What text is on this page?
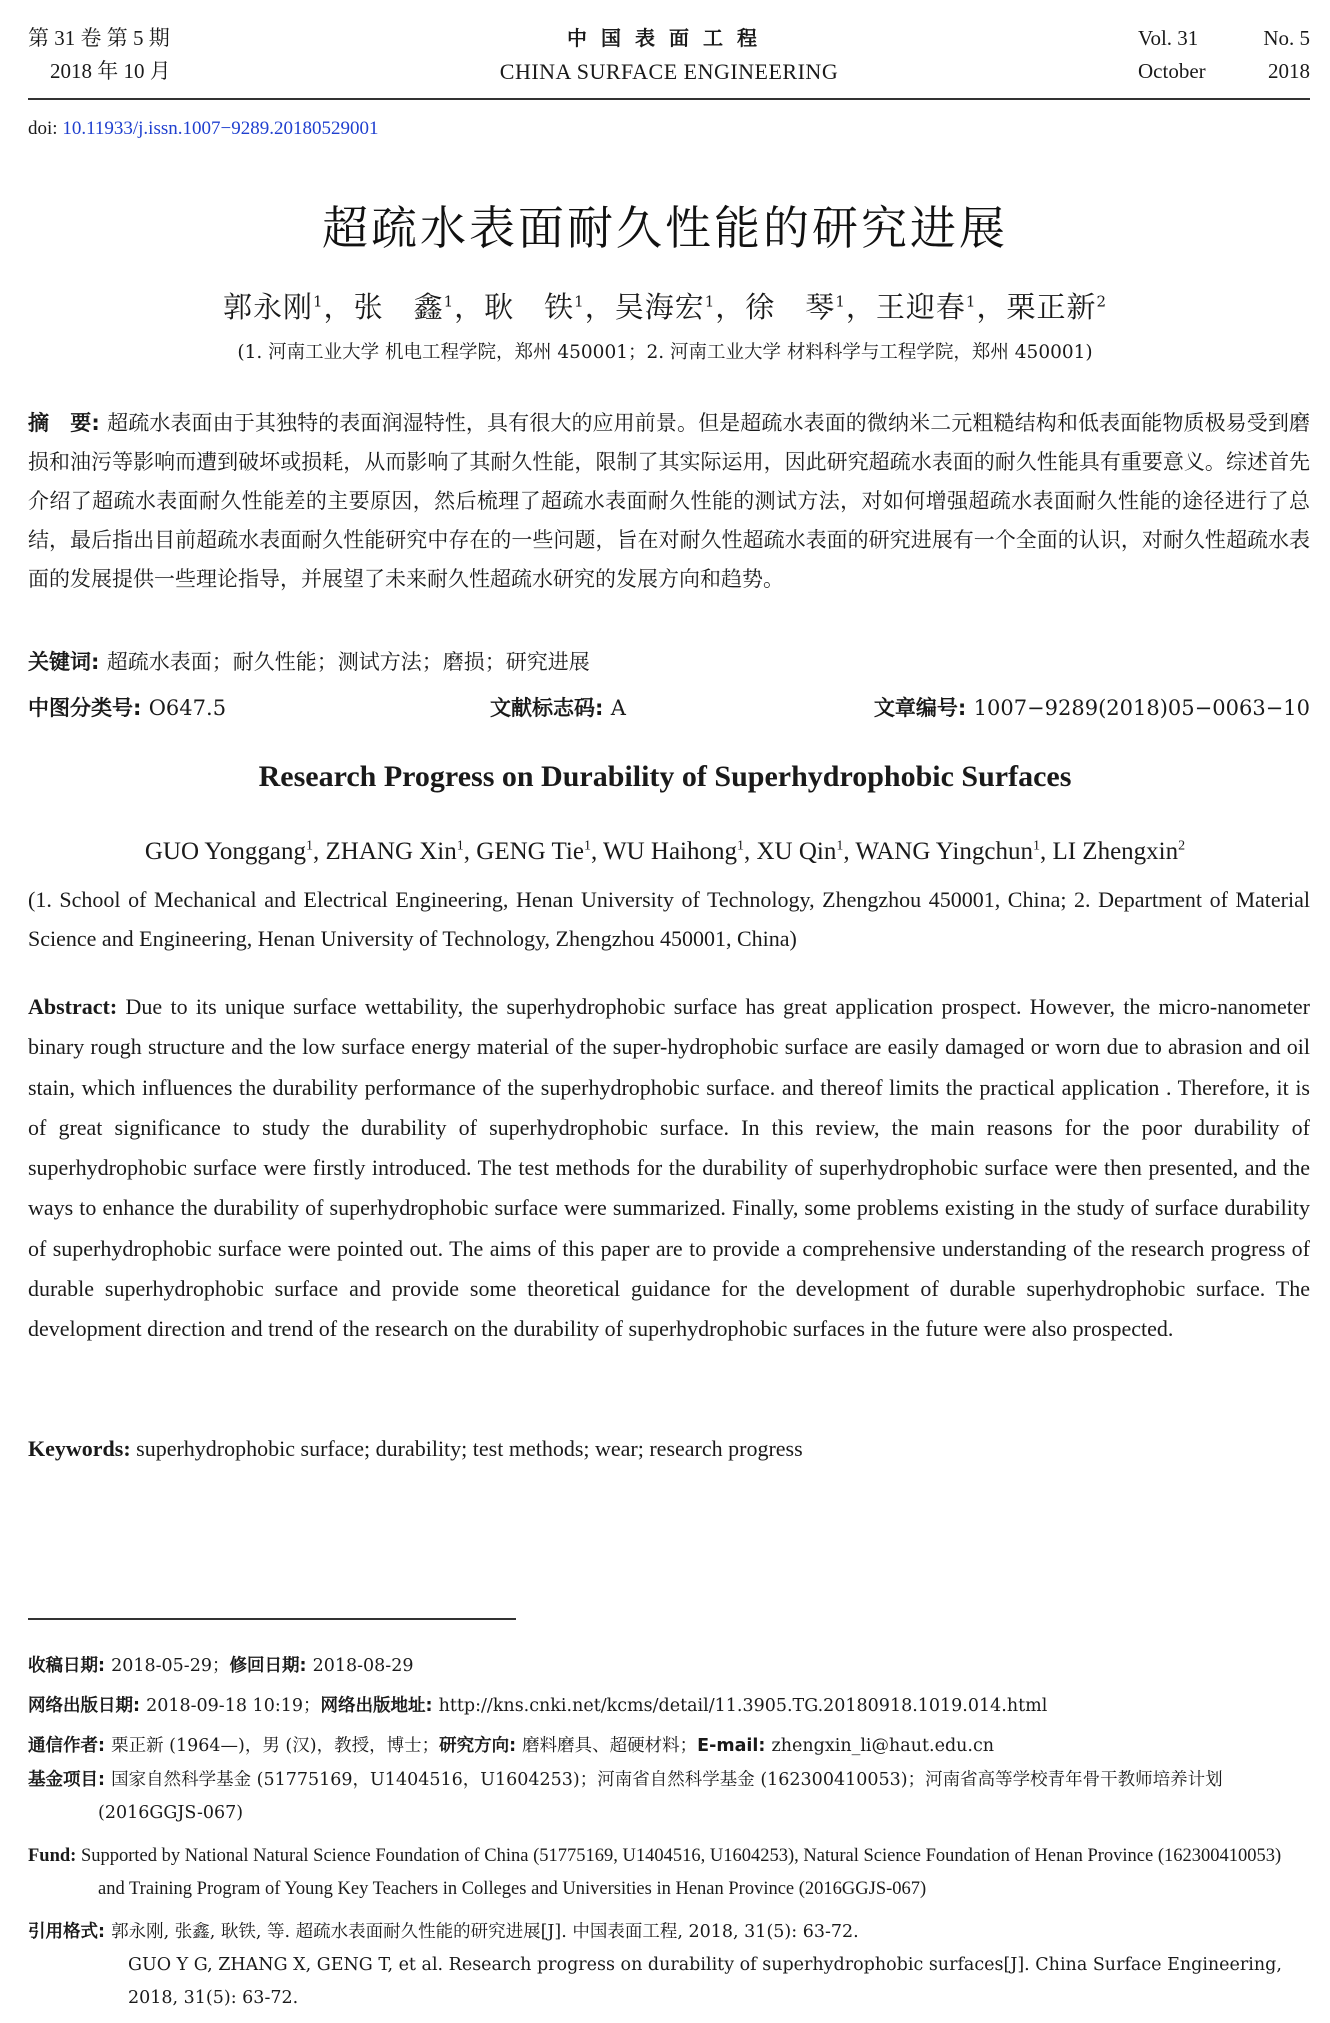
第 31 卷 第 5 期
2018 年 10 月
中国表面工程
CHINA SURFACE ENGINEERING
Vol. 31	No. 5
October	2018
doi: 10.11933/j.issn.1007−9289.20180529001
超疏水表面耐久性能的研究进展
郭永刚$^1$，张　鑫$^1$，耿　铁$^1$，吴海宏$^1$，徐　琴$^1$，王迎春$^1$，栗正新$^2$
(1. 河南工业大学 机电工程学院，郑州 450001；2. 河南工业大学 材料科学与工程学院，郑州 450001)
摘　要: 超疏水表面由于其独特的表面润湿特性，具有很大的应用前景。但是超疏水表面的微纳米二元粗糙结构和低表面能物质极易受到磨损和油污等影响而遭到破坏或损耗，从而影响了其耐久性能，限制了其实际运用，因此研究超疏水表面的耐久性能具有重要意义。综述首先介绍了超疏水表面耐久性能差的主要原因，然后梳理了超疏水表面耐久性能的测试方法，对如何增强超疏水表面耐久性能的途径进行了总结，最后指出目前超疏水表面耐久性能研究中存在的一些问题，旨在对耐久性超疏水表面的研究进展有一个全面的认识，对耐久性超疏水表面的发展提供一些理论指导，并展望了未来耐久性超疏水研究的发展方向和趋势。
关键词: 超疏水表面；耐久性能；测试方法；磨损；研究进展
中图分类号: O647.5	文献标志码: A	文章编号: 1007−9289(2018)05−0063−10
Research Progress on Durability of Superhydrophobic Surfaces
GUO Yonggang$^1$, ZHANG Xin$^1$, GENG Tie$^1$, WU Haihong$^1$, XU Qin$^1$, WANG Yingchun$^1$, LI Zhengxin$^2$
(1. School of Mechanical and Electrical Engineering, Henan University of Technology, Zhengzhou 450001, China; 2. Department of Material Science and Engineering, Henan University of Technology, Zhengzhou 450001, China)
Abstract: Due to its unique surface wettability, the superhydrophobic surface has great application prospect. However, the micro-nanometer binary rough structure and the low surface energy material of the super-hydrophobic surface are easily damaged or worn due to abrasion and oil stain, which influences the durability performance of the superhydrophobic surface. and thereof limits the practical application . Therefore, it is of great significance to study the durability of superhydrophobic surface. In this review, the main reasons for the poor durability of superhydrophobic surface were firstly introduced. The test methods for the durability of superhydrophobic surface were then presented, and the ways to enhance the durability of superhydrophobic surface were summarized. Finally, some problems existing in the study of surface durability of superhydrophobic surface were pointed out. The aims of this paper are to provide a comprehensive understanding of the research progress of durable superhydrophobic surface and provide some theoretical guidance for the development of durable superhydrophobic surface. The development direction and trend of the research on the durability of superhydrophobic surfaces in the future were also prospected.
Keywords: superhydrophobic surface; durability; test methods; wear; research progress
收稿日期: 2018-05-29；修回日期: 2018-08-29
网络出版日期: 2018-09-18 10:19；网络出版地址: http://kns.cnki.net/kcms/detail/11.3905.TG.20180918.1019.014.html
通信作者: 栗正新 (1964—)，男 (汉)，教授，博士；研究方向: 磨料磨具、超硬材料；E-mail: zhengxin_li@haut.edu.cn
基金项目: 国家自然科学基金 (51775169，U1404516，U1604253)；河南省自然科学基金 (162300410053)；河南省高等学校青年骨干教师培养计划 (2016GGJS-067)
Fund: Supported by National Natural Science Foundation of China (51775169, U1404516, U1604253), Natural Science Foundation of Henan Province (162300410053) and Training Program of Young Key Teachers in Colleges and Universities in Henan Province (2016GGJS-067)
引用格式: 郭永刚, 张鑫, 耿铁, 等. 超疏水表面耐久性能的研究进展[J]. 中国表面工程, 2018, 31(5): 63-72.
GUO Y G, ZHANG X, GENG T, et al. Research progress on durability of superhydrophobic surfaces[J]. China Surface Engineering, 2018, 31(5): 63-72.
